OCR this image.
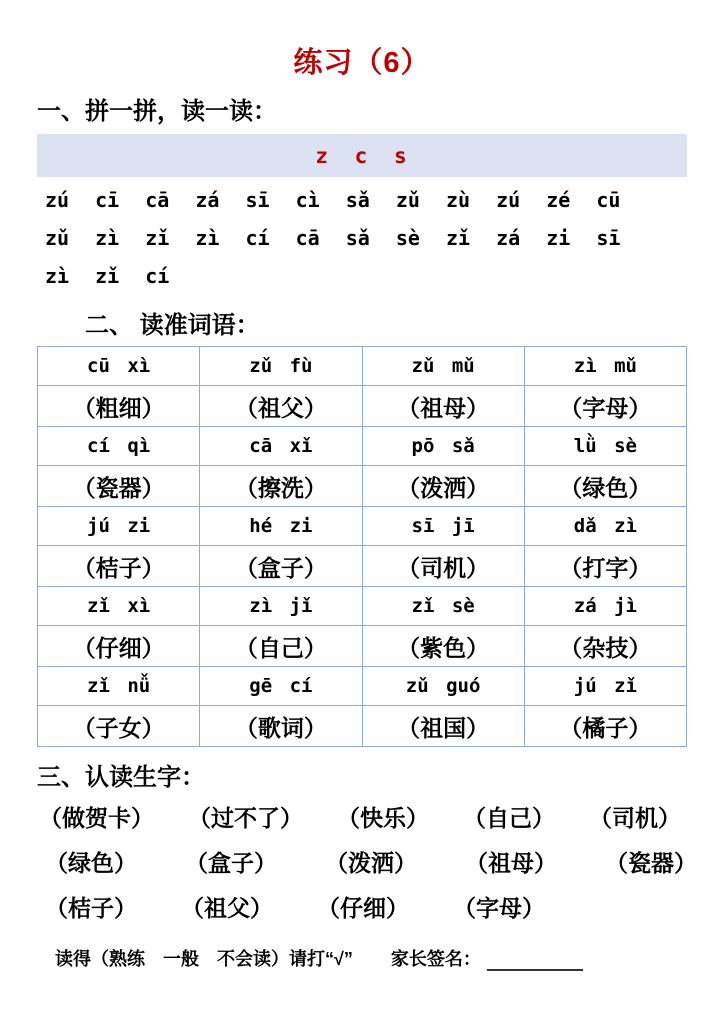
练习（6）
一、拼一拼，读一读：
z c s
zú cī cā zá sī cì sǎ zǔ zù zú zé cū
zǔ zì zǐ zì cí cā sǎ sè zǐ zá zi sī
zì zǐ cí
二、 读准词语：
cū xì	zǔ fù	zǔ mǔ	zì mǔ
（粗细）	（祖父）	（祖母）	（字母）
cí qì	cā xǐ	pō sǎ	lǜ sè
（瓷器）	（擦洗）	（泼洒）	（绿色）
jú zi	hé zi	sī jī	dǎ zì
（桔子）	（盒子）	（司机）	（打字）
zǐ xì	zì jǐ	zǐ sè	zá jì
（仔细）	（自己）	（紫色）	（杂技）
zǐ nǚ	gē cí	zǔ guó	jú zǐ
（子女）	（歌词）	（祖国）	（橘子）
三、认读生字：
（做贺卡） （过不了） （快乐） （自己） （司机）
（绿色） （盒子） （泼洒） （祖母） （瓷器）
（桔子） （祖父） （仔细） （字母）
读得（熟练　一般　不会读）请打“√” 家长签名：
